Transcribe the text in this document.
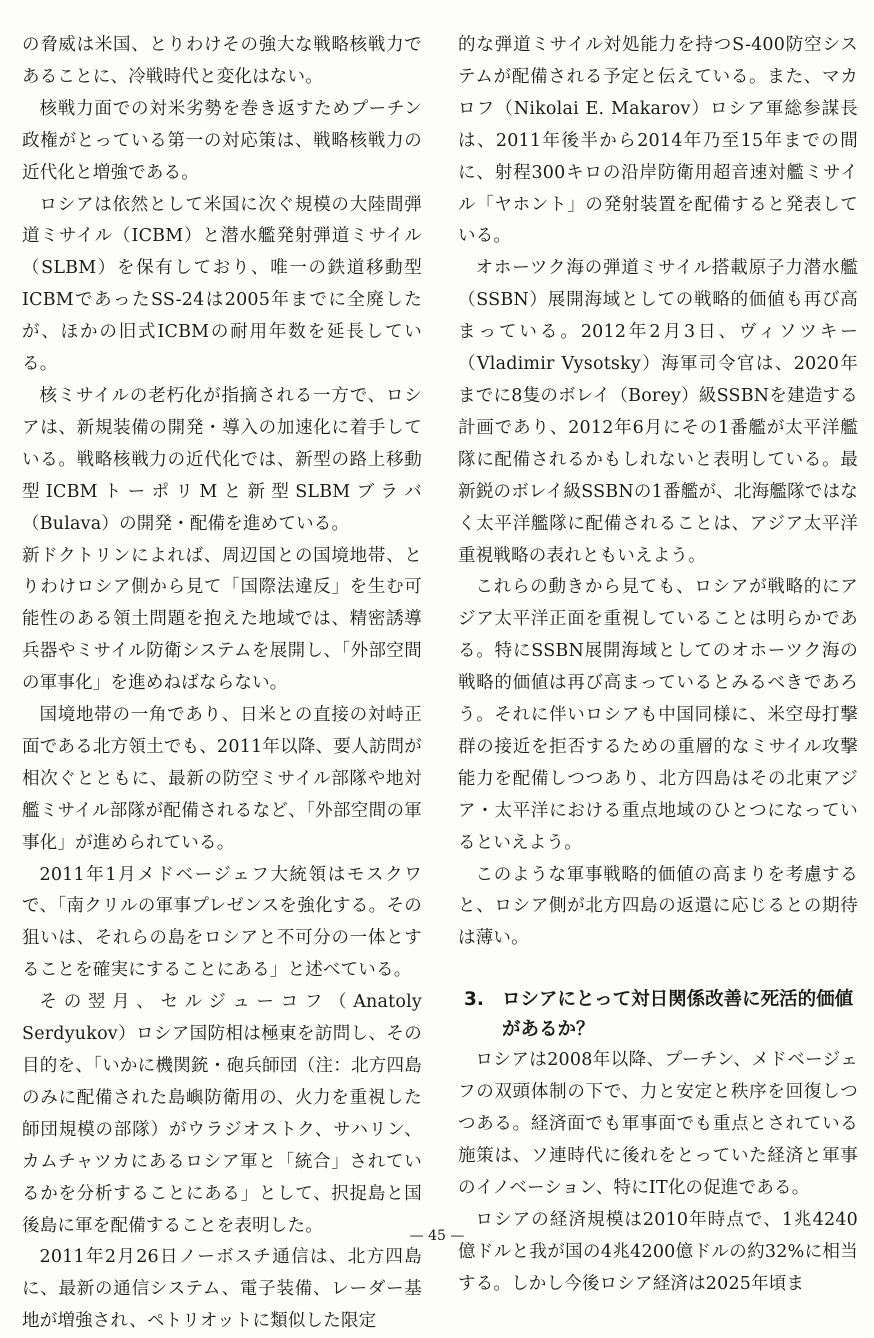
の脅威は米国、とりわけその強大な戦略核戦力であることに、冷戦時代と変化はない。

核戦力面での対米劣勢を巻き返すためプーチン政権がとっている第一の対応策は、戦略核戦力の近代化と増強である。

ロシアは依然として米国に次ぐ規模の大陸間弾道ミサイル（ICBM）と潜水艦発射弾道ミサイル（SLBM）を保有しており、唯一の鉄道移動型ICBMであったSS-24は2005年までに全廃したが、ほかの旧式ICBMの耐用年数を延長している。

核ミサイルの老朽化が指摘される一方で、ロシアは、新規装備の開発・導入の加速化に着手している。戦略核戦力の近代化では、新型の路上移動型ICBMトーポリMと新型SLBMブラバ（Bulava）の開発・配備を進めている。

新ドクトリンによれば、周辺国との国境地帯、とりわけロシア側から見て「国際法違反」を生む可能性のある領土問題を抱えた地域では、精密誘導兵器やミサイル防衛システムを展開し、「外部空間の軍事化」を進めねばならない。

国境地帯の一角であり、日米との直接の対峙正面である北方領土でも、2011年以降、要人訪問が相次ぐとともに、最新の防空ミサイル部隊や地対艦ミサイル部隊が配備されるなど、「外部空間の軍事化」が進められている。

2011年1月メドベージェフ大統領はモスクワで、「南クリルの軍事プレゼンスを強化する。その狙いは、それらの島をロシアと不可分の一体とすることを確実にすることにある」と述べている。

その翌月、セルジューコフ（Anatoly Serdyukov）ロシア国防相は極東を訪問し、その目的を、「いかに機関銃・砲兵師団（注：北方四島のみに配備された島嶼防衛用の、火力を重視した師団規模の部隊）がウラジオストク、サハリン、カムチャツカにあるロシア軍と「統合」されているかを分析することにある」として、択捉島と国後島に軍を配備することを表明した。

2011年2月26日ノーボスチ通信は、北方四島に、最新の通信システム、電子装備、レーダー基地が増強され、ペトリオットに類似した限定

的な弾道ミサイル対処能力を持つS-400防空システムが配備される予定と伝えている。また、マカロフ（Nikolai E. Makarov）ロシア軍総参謀長は、2011年後半から2014年乃至15年までの間に、射程300キロの沿岸防衛用超音速対艦ミサイル「ヤホント」の発射装置を配備すると発表している。

オホーツク海の弾道ミサイル搭載原子力潜水艦（SSBN）展開海域としての戦略的価値も再び高まっている。2012年2月3日、ヴィソツキー（Vladimir Vysotsky）海軍司令官は、2020年までに8隻のボレイ（Borey）級SSBNを建造する計画であり、2012年6月にその1番艦が太平洋艦隊に配備されるかもしれないと表明している。最新鋭のボレイ級SSBNの1番艦が、北海艦隊ではなく太平洋艦隊に配備されることは、アジア太平洋重視戦略の表れともいえよう。

これらの動きから見ても、ロシアが戦略的にアジア太平洋正面を重視していることは明らかである。特にSSBN展開海域としてのオホーツク海の戦略的価値は再び高まっているとみるべきであろう。それに伴いロシアも中国同様に、米空母打撃群の接近を拒否するための重層的なミサイル攻撃能力を配備しつつあり、北方四島はその北東アジア・太平洋における重点地域のひとつになっているといえよう。

このような軍事戦略的価値の高まりを考慮すると、ロシア側が北方四島の返還に応じるとの期待は薄い。

3. ロシアにとって対日関係改善に死活的価値があるか？

ロシアは2008年以降、プーチン、メドベージェフの双頭体制の下で、力と安定と秩序を回復しつつある。経済面でも軍事面でも重点とされている施策は、ソ連時代に後れをとっていた経済と軍事のイノベーション、特にIT化の促進である。

ロシアの経済規模は2010年時点で、1兆4240億ドルと我が国の4兆4200億ドルの約32%に相当する。しかし今後ロシア経済は2025年頃ま

— 45 —
